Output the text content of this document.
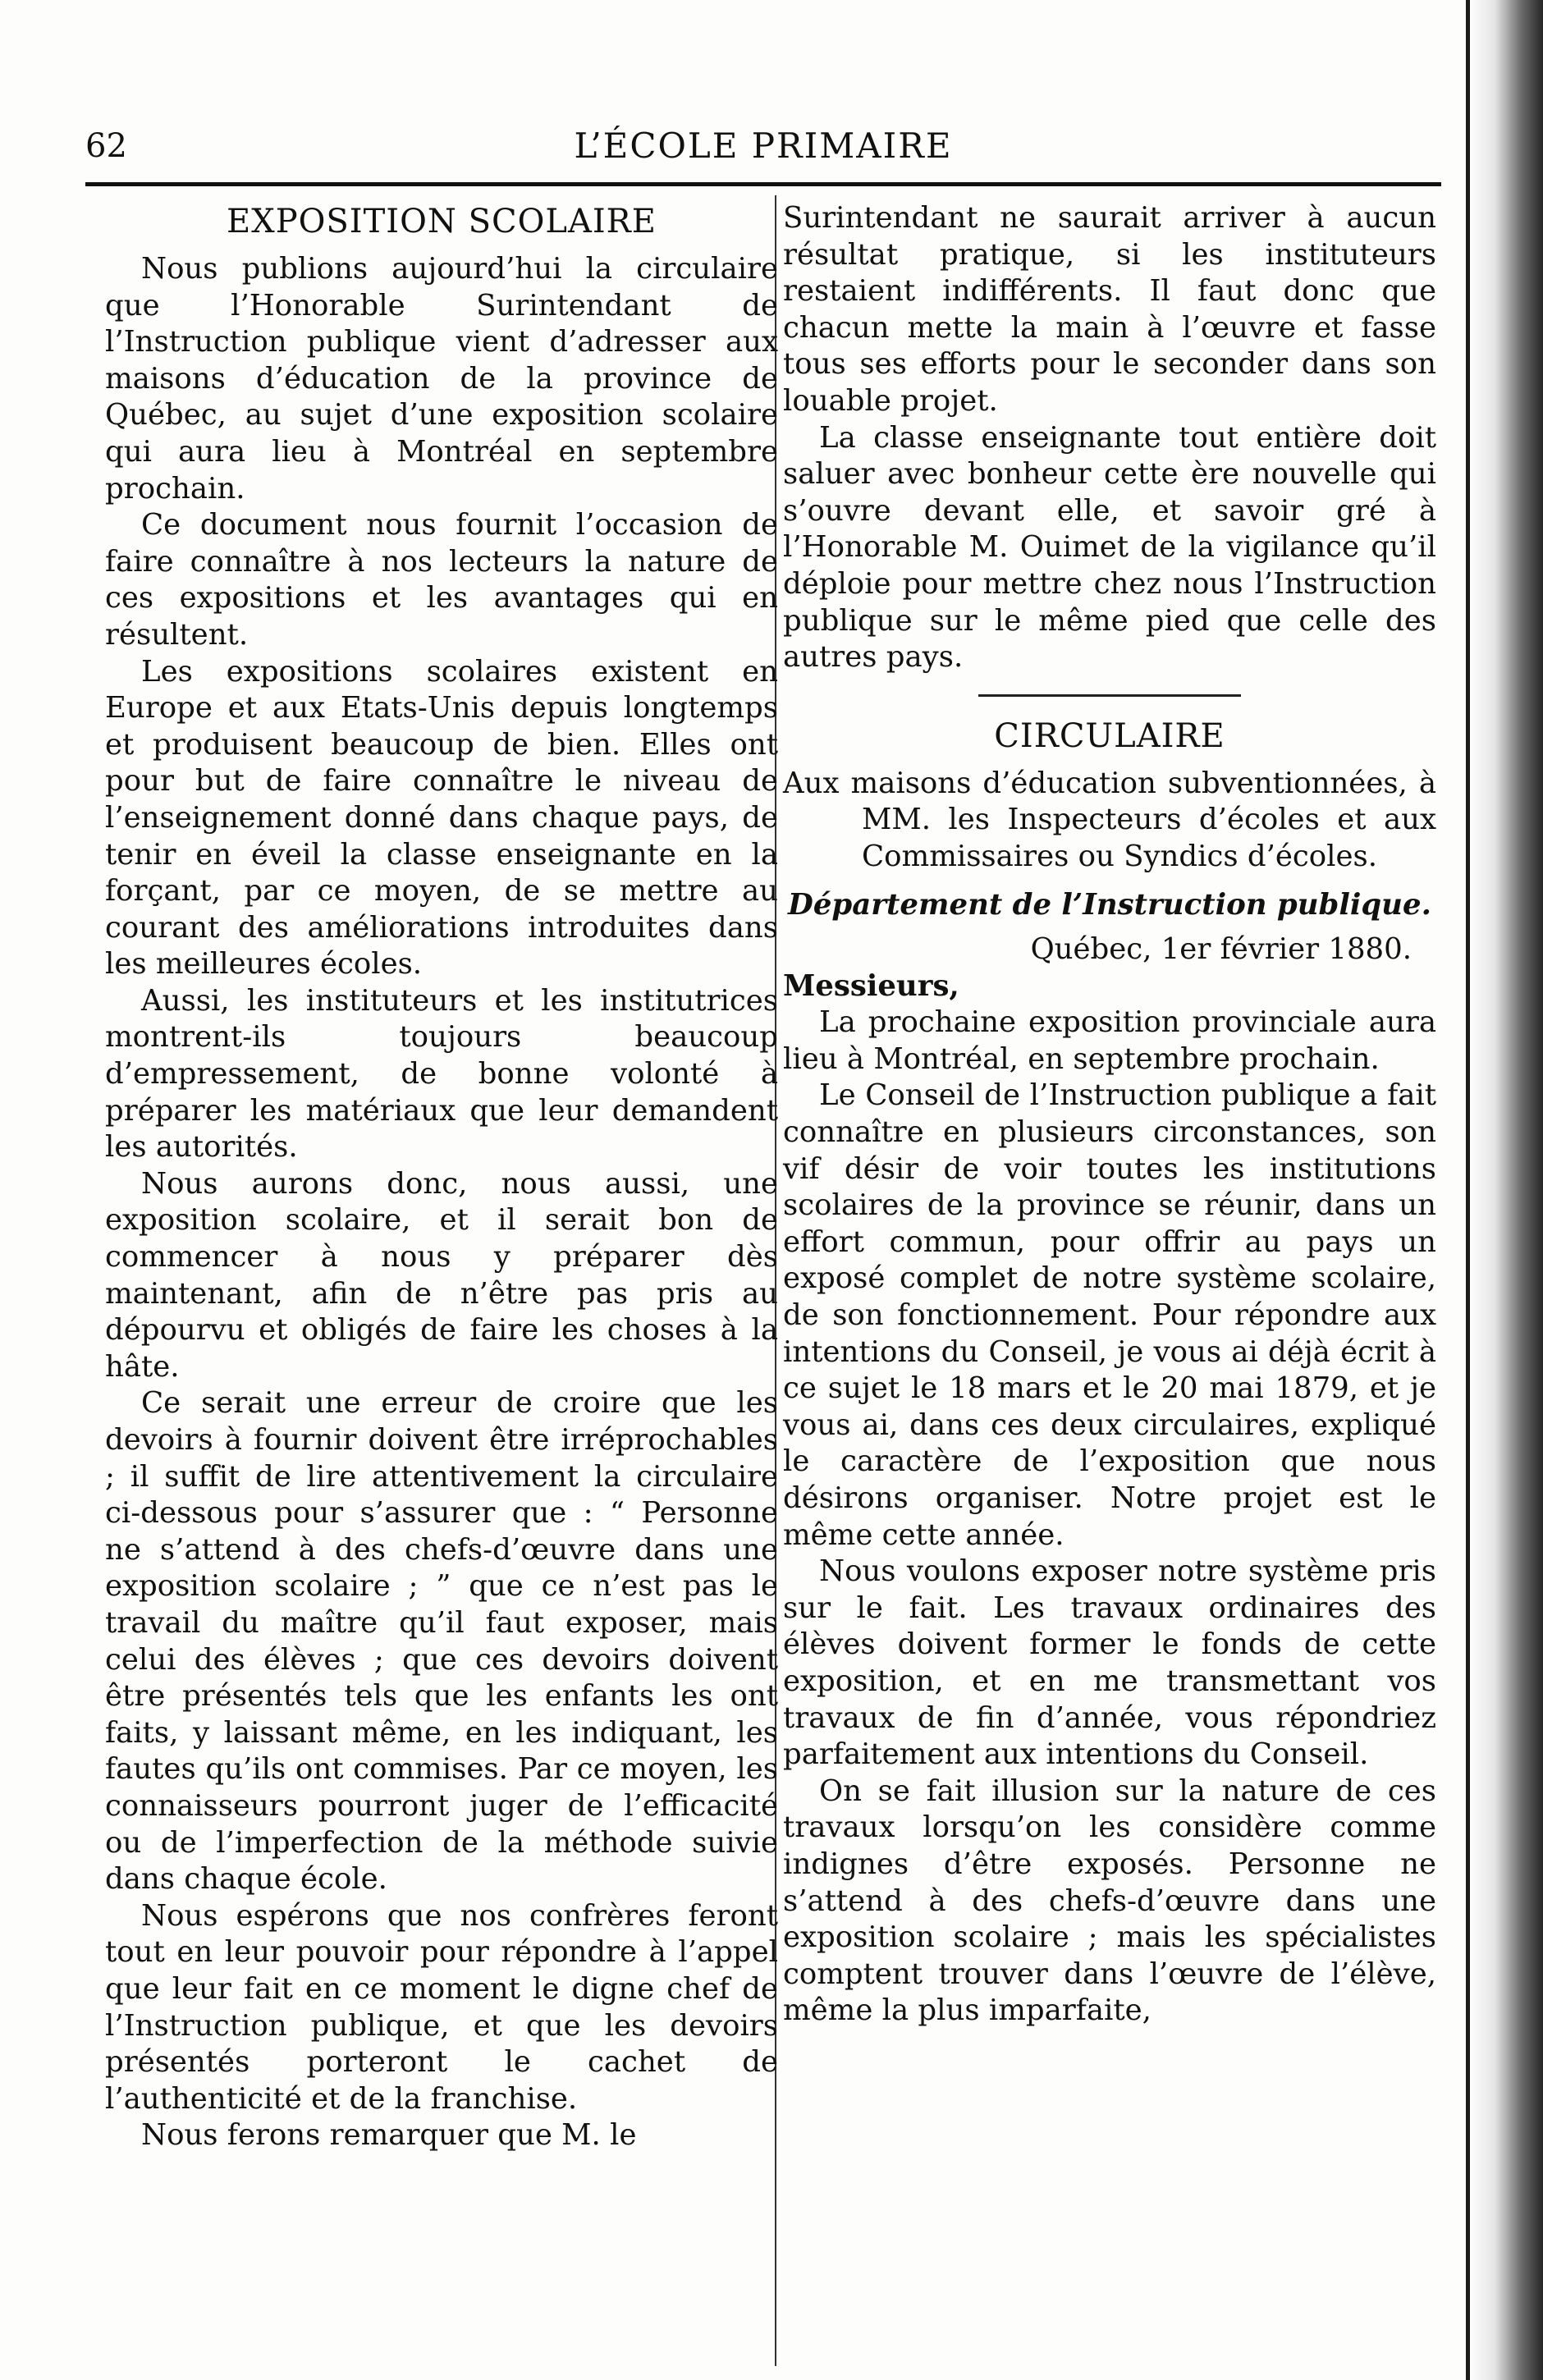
62	L’ÉCOLE PRIMAIRE
EXPOSITION SCOLAIRE

Nous publions aujourd’hui la circulaire que l’Honorable Surintendant de l’Instruction publique vient d’adresser aux maisons d’éducation de la province de Québec, au sujet d’une exposition scolaire qui aura lieu à Montréal en septembre prochain.

Ce document nous fournit l’occasion de faire connaître à nos lecteurs la nature de ces expositions et les avantages qui en résultent.

Les expositions scolaires existent en Europe et aux Etats-Unis depuis longtemps et produisent beaucoup de bien. Elles ont pour but de faire connaître le niveau de l’enseignement donné dans chaque pays, de tenir en éveil la classe enseignante en la forçant, par ce moyen, de se mettre au courant des améliorations introduites dans les meilleures écoles.

Aussi, les instituteurs et les institutrices montrent-ils toujours beaucoup d’empressement, de bonne volonté à préparer les matériaux que leur demandent les autorités.

Nous aurons donc, nous aussi, une exposition scolaire, et il serait bon de commencer à nous y préparer dès maintenant, afin de n’être pas pris au dépourvu et obligés de faire les choses à la hâte.

Ce serait une erreur de croire que les devoirs à fournir doivent être irréprochables ; il suffit de lire attentivement la circulaire ci-dessous pour s’assurer que : “ Personne ne s’attend à des chefs-d’œuvre dans une exposition scolaire ; ” que ce n’est pas le travail du maître qu’il faut exposer, mais celui des élèves ; que ces devoirs doivent être présentés tels que les enfants les ont faits, y laissant même, en les indiquant, les fautes qu’ils ont commises. Par ce moyen, les connaisseurs pourront juger de l’efficacité ou de l’imperfection de la méthode suivie dans chaque école.

Nous espérons que nos confrères feront tout en leur pouvoir pour répondre à l’appel que leur fait en ce moment le digne chef de l’Instruction publique, et que les devoirs présentés porteront le cachet de l’authenticité et de la franchise.

Nous ferons remarquer que M. le

Surintendant ne saurait arriver à aucun résultat pratique, si les instituteurs restaient indifférents. Il faut donc que chacun mette la main à l’œuvre et fasse tous ses efforts pour le seconder dans son louable projet.

La classe enseignante tout entière doit saluer avec bonheur cette ère nouvelle qui s’ouvre devant elle, et savoir gré à l’Honorable M. Ouimet de la vigilance qu’il déploie pour mettre chez nous l’Instruction publique sur le même pied que celle des autres pays.

CIRCULAIRE

Aux maisons d’éducation subventionnées, à MM. les Inspecteurs d’écoles et aux Commissaires ou Syndics d’écoles.

Département de l’Instruction publique.

Québec, 1er février 1880.

Messieurs,

La prochaine exposition provinciale aura lieu à Montréal, en septembre prochain.

Le Conseil de l’Instruction publique a fait connaître en plusieurs circonstances, son vif désir de voir toutes les institutions scolaires de la province se réunir, dans un effort commun, pour offrir au pays un exposé complet de notre système scolaire, de son fonctionnement. Pour répondre aux intentions du Conseil, je vous ai déjà écrit à ce sujet le 18 mars et le 20 mai 1879, et je vous ai, dans ces deux circulaires, expliqué le caractère de l’exposition que nous désirons organiser. Notre projet est le même cette année.

Nous voulons exposer notre système pris sur le fait. Les travaux ordinaires des élèves doivent former le fonds de cette exposition, et en me transmettant vos travaux de fin d’année, vous répondriez parfaitement aux intentions du Conseil.

On se fait illusion sur la nature de ces travaux lorsqu’on les considère comme indignes d’être exposés. Personne ne s’attend à des chefs-d’œuvre dans une exposition scolaire ; mais les spécialistes comptent trouver dans l’œuvre de l’élève, même la plus imparfaite,
